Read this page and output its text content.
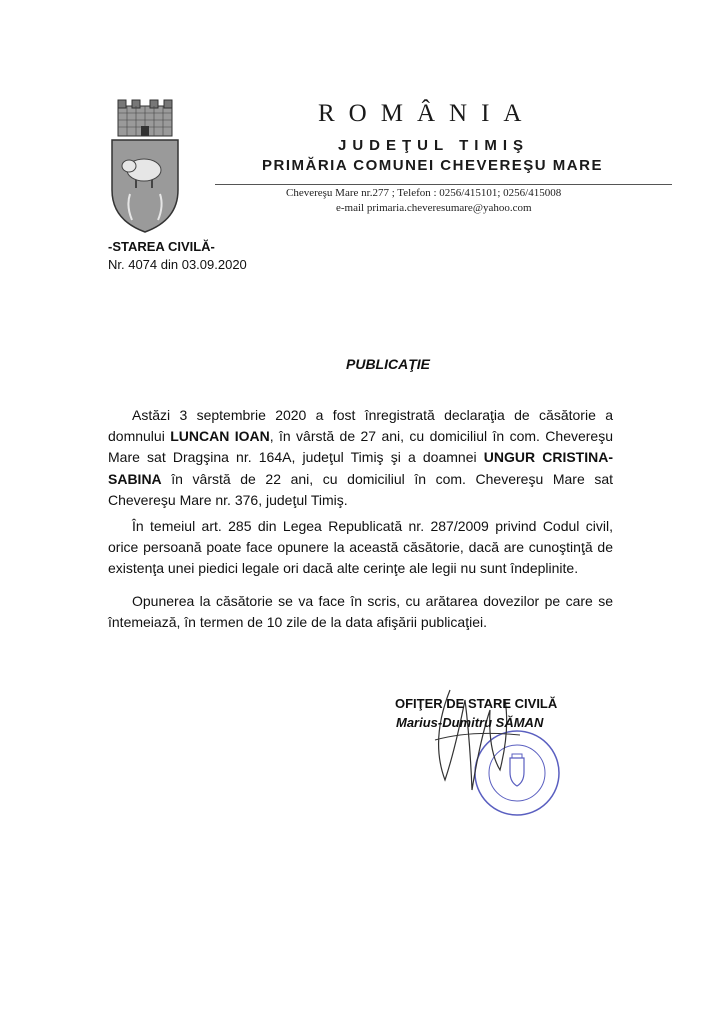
ROMÂNIA
JUDEŢUL TIMIŞ
PRIMĂRIA COMUNEI CHEVEREŞU MARE
Chevereşu Mare nr.277 ; Telefon : 0256/415101; 0256/415008
e-mail primaria.cheveresumare@yahoo.com
-STAREA CIVILĂ-
Nr. 4074 din 03.09.2020
PUBLICAŢIE

Astăzi 3 septembrie 2020 a fost înregistrată declaraţia de căsătorie a domnului LUNCAN IOAN, în vârstă de 27 ani, cu domiciliul în com. Chevereşu Mare sat Dragşina nr. 164A, judeţul Timiş şi a doamnei UNGUR CRISTINA-SABINA în vârstă de 22 ani, cu domiciliul în com. Chevereşu Mare sat Chevereşu Mare nr. 376, judeţul Timiş.

În temeiul art. 285 din Legea Republicată nr. 287/2009 privind Codul civil, orice persoană poate face opunere la această căsătorie, dacă are cunoştinţă de existenţa unei piedici legale ori dacă alte cerinţe ale legii nu sunt îndeplinite.

Opunerea la căsătorie se va face în scris, cu arătarea dovezilor pe care se întemeiază, în termen de 10 zile de la data afişării publicaţiei.

OFIŢER DE STARE CIVILĂ
Marius-Dumitru SĂMAN
